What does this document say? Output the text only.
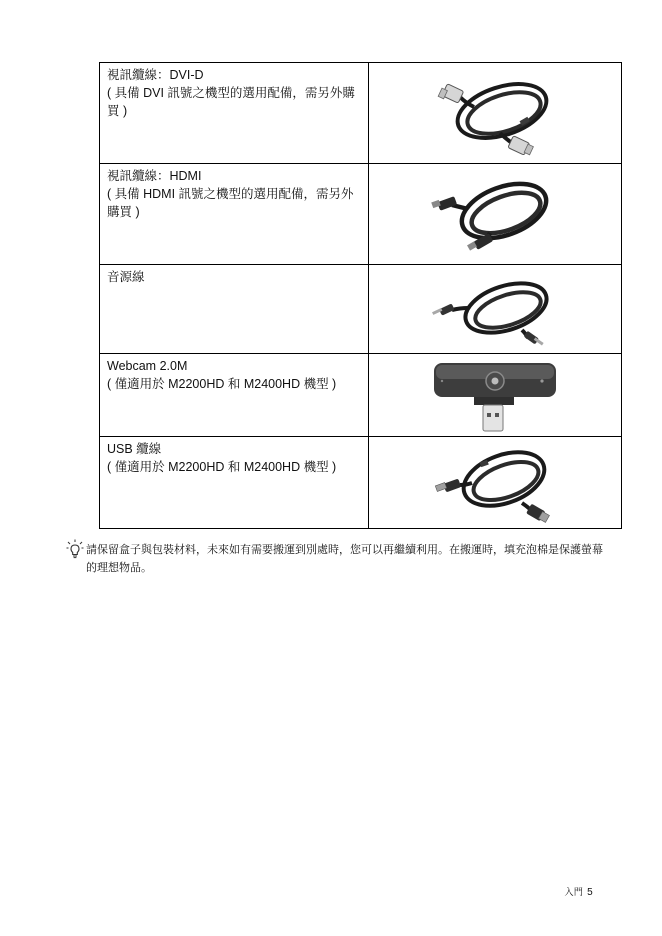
視訊纜線：DVI-D
( 具備 DVI 訊號之機型的選用配備，需另外購買 )

視訊纜線：HDMI
( 具備 HDMI 訊號之機型的選用配備，需另外購買 )

音源線

Webcam 2.0M
( 僅適用於 M2200HD 和 M2400HD 機型 )

USB 纜線
( 僅適用於 M2200HD 和 M2400HD 機型 )

請保留盒子與包裝材料，未來如有需要搬運到別處時，您可以再繼續利用。在搬運時，填充泡棉是保護螢幕的理想物品。
入門 5
